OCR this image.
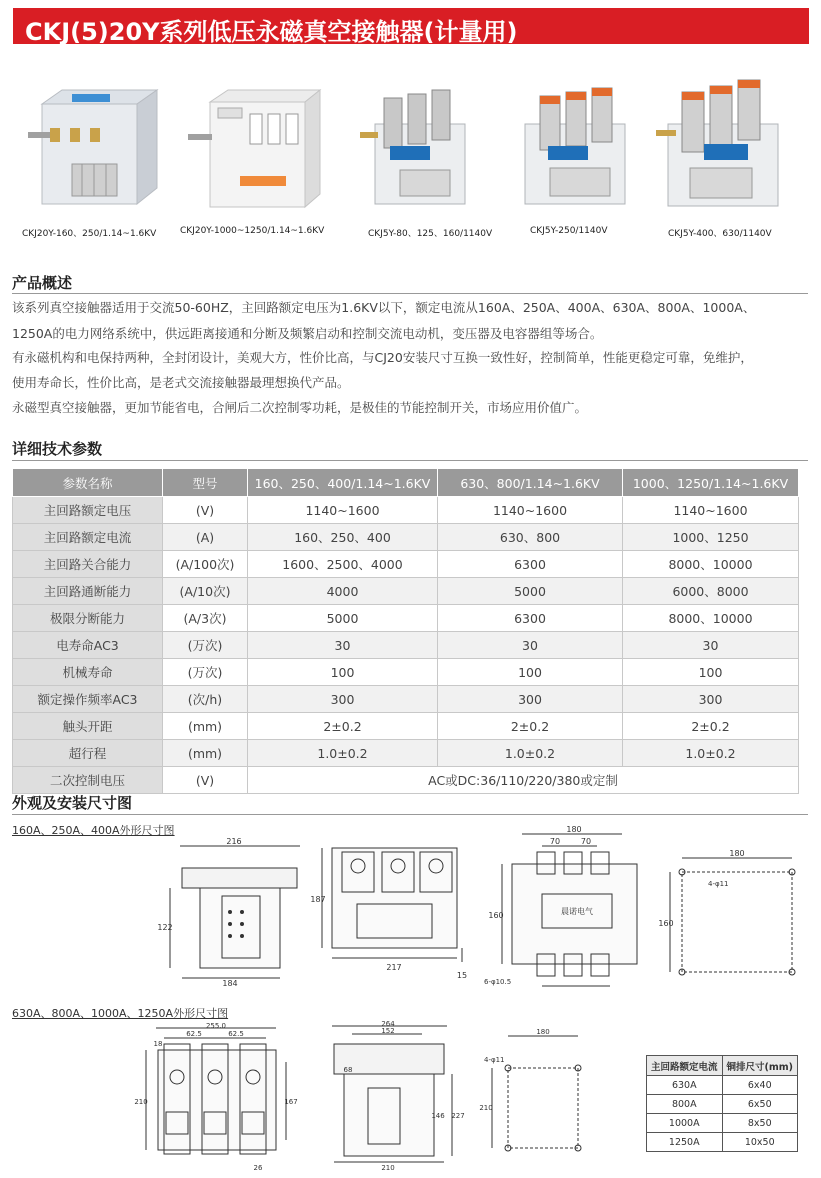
CKJ(5)20Y系列低压永磁真空接触器(计量用)
CKJ20Y-160、250/1.14~1.6KV	CKJ20Y-1000~1250/1.14~1.6KV	CKJ5Y-80、125、160/1140V	CKJ5Y-250/1140V	CKJ5Y-400、630/1140V
产品概述
该系列真空接触器适用于交流50-60HZ，主回路额定电压为1.6KV以下，额定电流从160A、250A、400A、630A、800A、1000A、
1250A的电力网络系统中，供远距离接通和分断及频繁启动和控制交流电动机，变压器及电容器组等场合。
有永磁机构和电保持两种，全封闭设计，美观大方，性价比高，与CJ20安装尺寸互换一致性好，控制简单，性能更稳定可靠，免维护，
使用寿命长，性价比高，是老式交流接触器最理想换代产品。
永磁型真空接触器，更加节能省电，合闸后二次控制零功耗，是极佳的节能控制开关，市场应用价值广。
详细技术参数
参数名称	型号	160、250、400/1.14~1.6KV	630、800/1.14~1.6KV	1000、1250/1.14~1.6KV
主回路额定电压	(V)	1140~1600	1140~1600	1140~1600
主回路额定电流	(A)	160、250、400	630、800	1000、1250
主回路关合能力	(A/100次)	1600、2500、4000	6300	8000、10000
主回路通断能力	(A/10次)	4000	5000	6000、8000
极限分断能力	(A/3次)	5000	6300	8000、10000
电寿命AC3	(万次)	30	30	30
机械寿命	(万次)	100	100	100
额定操作频率AC3	(次/h)	300	300	300
触头开距	(mm)	2±0.2	2±0.2	2±0.2
超行程	(mm)	1.0±0.2	1.0±0.2	1.0±0.2
二次控制电压	(V)	AC或DC:36/110/220/380或定制		
外观及安装尺寸图
160A、250A、400A外形尺寸图
630A、800A、1000A、1250A外形尺寸图
216
122
184
187
217
15
180
70	70
160	晨诺电气
6-φ10.5
180
160
4-φ11
255.0
62.5	62.5
18
210	167
26
264
152
68
146 227
210
180
210
4-φ11
主回路额定电流	铜排尺寸(mm)
630A	6x40
800A	6x50
1000A	8x50
1250A	10x50
